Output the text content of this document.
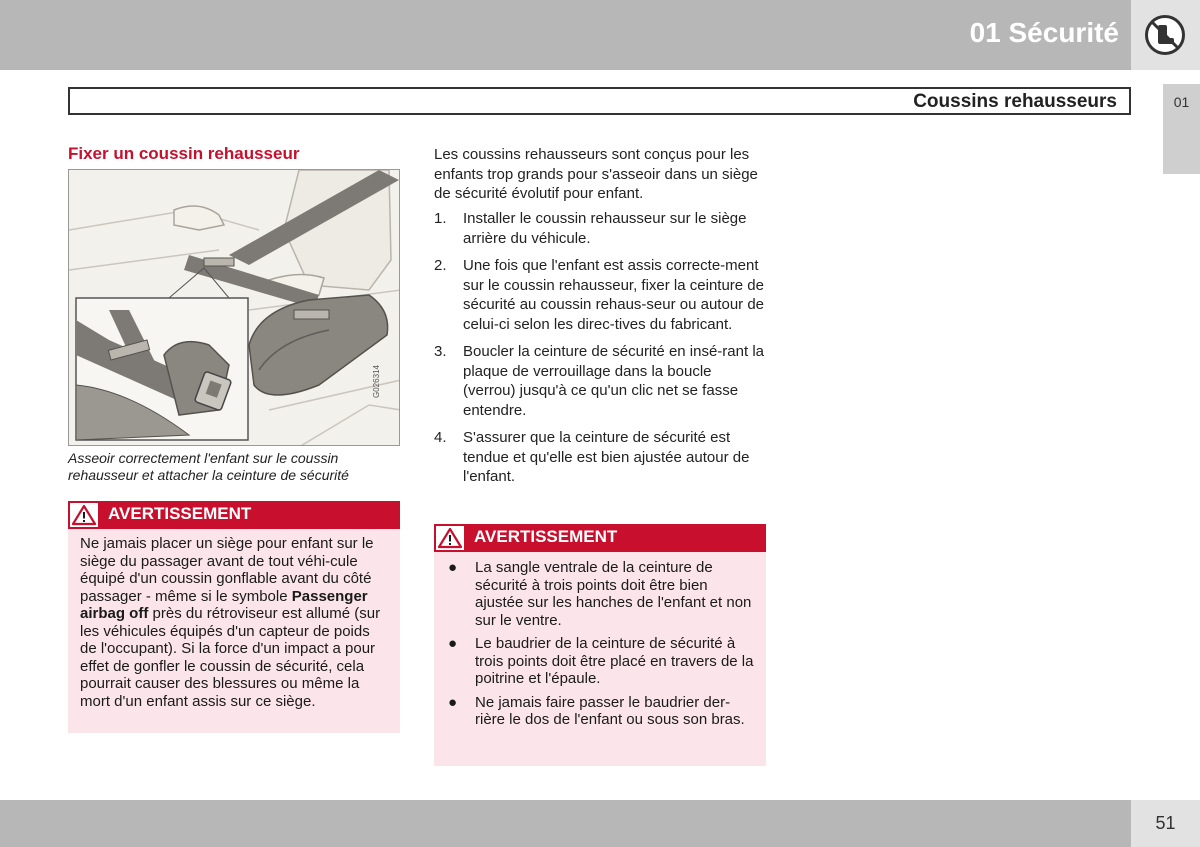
01 Sécurité
01
Coussins rehausseurs
Fixer un coussin rehausseur
G026314
Asseoir correctement l'enfant sur le coussin rehausseur et attacher la ceinture de sécurité
AVERTISSEMENT
Ne jamais placer un siège pour enfant sur le siège du passager avant de tout véhi-cule équipé d'un coussin gonflable avant du côté passager - même si le symbole Passenger airbag off près du rétroviseur est allumé (sur les véhicules équipés d'un capteur de poids de l'occupant). Si la force d'un impact a pour effet de gonfler le coussin de sécurité, cela pourrait causer des blessures ou même la mort d'un enfant assis sur ce siège.
Les coussins rehausseurs sont conçus pour les enfants trop grands pour s'asseoir dans un siège de sécurité évolutif pour enfant.
1. Installer le coussin rehausseur sur le siège arrière du véhicule.
2. Une fois que l'enfant est assis correcte-ment sur le coussin rehausseur, fixer la ceinture de sécurité au coussin rehaus-seur ou autour de celui-ci selon les direc-tives du fabricant.
3. Boucler la ceinture de sécurité en insé-rant la plaque de verrouillage dans la boucle (verrou) jusqu'à ce qu'un clic net se fasse entendre.
4. S'assurer que la ceinture de sécurité est tendue et qu'elle est bien ajustée autour de l'enfant.
AVERTISSEMENT
● La sangle ventrale de la ceinture de sécurité à trois points doit être bien ajustée sur les hanches de l'enfant et non sur le ventre.
● Le baudrier de la ceinture de sécurité à trois points doit être placé en travers de la poitrine et l'épaule.
● Ne jamais faire passer le baudrier der-rière le dos de l'enfant ou sous son bras.
51
